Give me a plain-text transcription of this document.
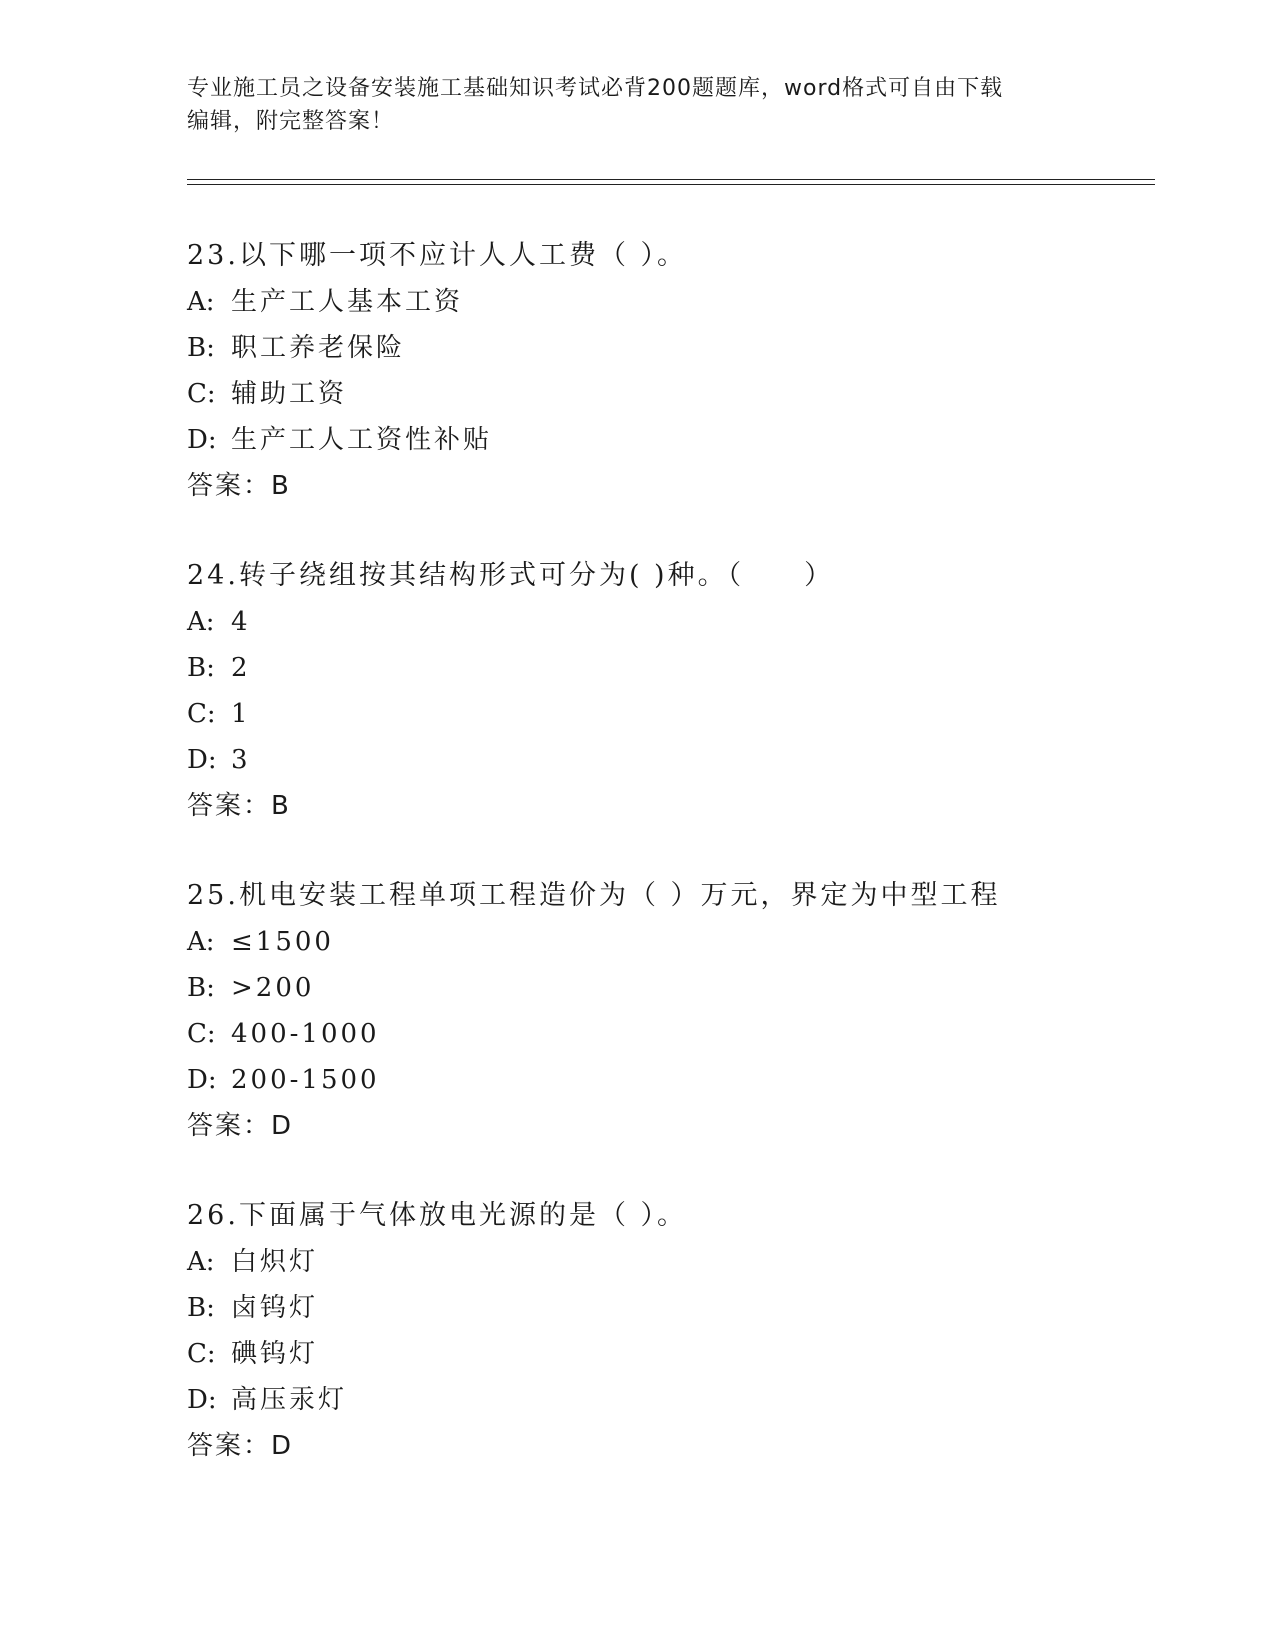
专业施工员之设备安装施工基础知识考试必背200题题库，word格式可自由下载
编辑，附完整答案！
23.以下哪一项不应计人人工费（ ）。
A: 生产工人基本工资
B: 职工养老保险
C: 辅助工资
D: 生产工人工资性补贴
答案：B
24.转子绕组按其结构形式可分为( )种。（　　）
A: 4
B: 2
C: 1
D: 3
答案：B
25.机电安装工程单项工程造价为（ ）万元，界定为中型工程
A: ≤1500
B: >200
C: 400-1000
D: 200-1500
答案：D
26.下面属于气体放电光源的是（ ）。
A: 白炽灯
B: 卤钨灯
C: 碘钨灯
D: 高压汞灯
答案：D
